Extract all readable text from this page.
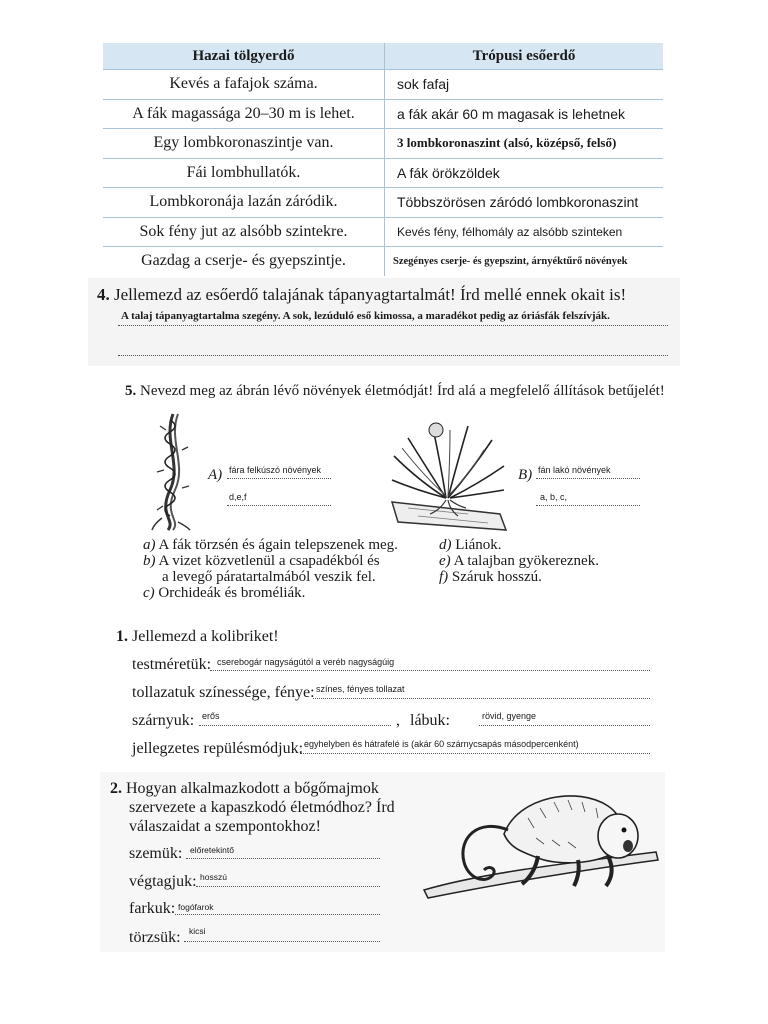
Hazai tölgyerdő	Trópusi esőerdő
Kevés a fafajok száma.	sok fafaj
A fák magassága 20–30 m is lehet.	a fák akár 60 m magasak is lehetnek
Egy lombkoronaszintje van.	3 lombkoronaszint (alsó, középső, felső)
Fái lombhullatók.	A fák örökzöldek
Lombkoronája lazán záródik.	Többszörösen záródó lombkoronaszint
Sok fény jut az alsóbb szintekre.	Kevés fény, félhomály az alsóbb szinteken
Gazdag a cserje- és gyepszintje.	Szegényes cserje- és gyepszint, árnyéktűrő növények
4. Jellemezd az esőerdő talajának tápanyagtartalmát! Írd mellé ennek okait is!
A talaj tápanyagtartalma szegény. A sok, lezúduló eső kimossa, a maradékot pedig az óriásfák felszívják.
5. Nevezd meg az ábrán lévő növények életmódját! Írd alá a megfelelő állítások betűjelét!
A) fára felkúszó növények
d,e,f
B) fán lakó növények
a, b, c,
a) A fák törzsén és ágain telepszenek meg.
b) A vizet közvetlenül a csapadékból és
a levegő páratartalmából veszik fel.
c) Orchideák és broméliák.
d) Liánok.
e) A talajban gyökereznek.
f) Száruk hosszú.
1. Jellemezd a kolibriket!
testméretük: cserebogár nagyságútól a veréb nagyságúig
tollazatuk színessége, fénye: színes, fényes tollazat
szárnyuk: erős	, lábuk:	rövid, gyenge
jellegzetes repülésmódjuk: egyhelyben és hátrafelé is (akár 60 szárnycsapás másodpercenként)
2. Hogyan alkalmazkodott a bőgőmajmok
szervezete a kapaszkodó életmódhoz? Írd
válaszaidat a szempontokhoz!
szemük: előretekintő
végtagjuk: hosszú
farkuk: fogófarok
törzsük: kicsi
